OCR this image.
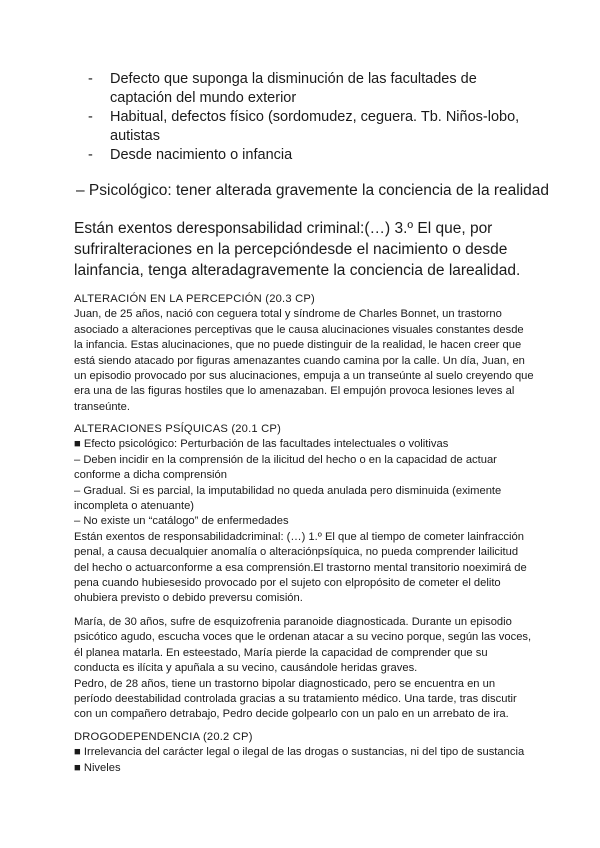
- Defecto que suponga la disminución de las facultades de captación del mundo exterior
- Habitual, defectos físico (sordomudez, ceguera. Tb. Niños-lobo, autistas
- Desde nacimiento o infancia
– Psicológico: tener alterada gravemente la conciencia de la realidad
Están exentos deresponsabilidad criminal:(…) 3.º El que, por sufriralteraciones en la percepcióndesde el nacimiento o desde lainfancia, tenga alteradagravemente la conciencia de larealidad.

ALTERACIÓN EN LA PERCEPCIÓN (20.3 CP)

Juan, de 25 años, nació con ceguera total y síndrome de Charles Bonnet, un trastorno asociado a alteraciones perceptivas que le causa alucinaciones visuales constantes desde la infancia. Estas alucinaciones, que no puede distinguir de la realidad, le hacen creer que está siendo atacado por figuras amenazantes cuando camina por la calle. Un día, Juan, en un episodio provocado por sus alucinaciones, empuja a un transeúnte al suelo creyendo que era una de las figuras hostiles que lo amenazaban. El empujón provoca lesiones leves al transeúnte.

ALTERACIONES PSÍQUICAS (20.1 CP)

■ Efecto psicológico: Perturbación de las facultades intelectuales o volitivas

– Deben incidir en la comprensión de la ilicitud del hecho o en la capacidad de actuar conforme a dicha comprensión

– Gradual. Si es parcial, la imputabilidad no queda anulada pero disminuida (eximente incompleta o atenuante)

– No existe un “catálogo” de enfermedades

Están exentos de responsabilidadcriminal: (…) 1.º El que al tiempo de cometer lainfracción penal, a causa decualquier anomalía o alteraciónpsíquica, no pueda comprender lailicitud del hecho o actuarconforme a esa comprensión.El trastorno mental transitorio noeximirá de pena cuando hubiesesido provocado por el sujeto con elpropósito de cometer el delito ohubiera previsto o debido preversu comisión.

María, de 30 años, sufre de esquizofrenia paranoide diagnosticada. Durante un episodio psicótico agudo, escucha voces que le ordenan atacar a su vecino porque, según las voces, él planea matarla. En esteestado, María pierde la capacidad de comprender que su conducta es ilícita y apuñala a su vecino, causándole heridas graves.

Pedro, de 28 años, tiene un trastorno bipolar diagnosticado, pero se encuentra en un período deestabilidad controlada gracias a su tratamiento médico. Una tarde, tras discutir con un compañero detrabajo, Pedro decide golpearlo con un palo en un arrebato de ira.

DROGODEPENDENCIA (20.2 CP)

■ Irrelevancia del carácter legal o ilegal de las drogas o sustancias, ni del tipo de sustancia

■ Niveles
